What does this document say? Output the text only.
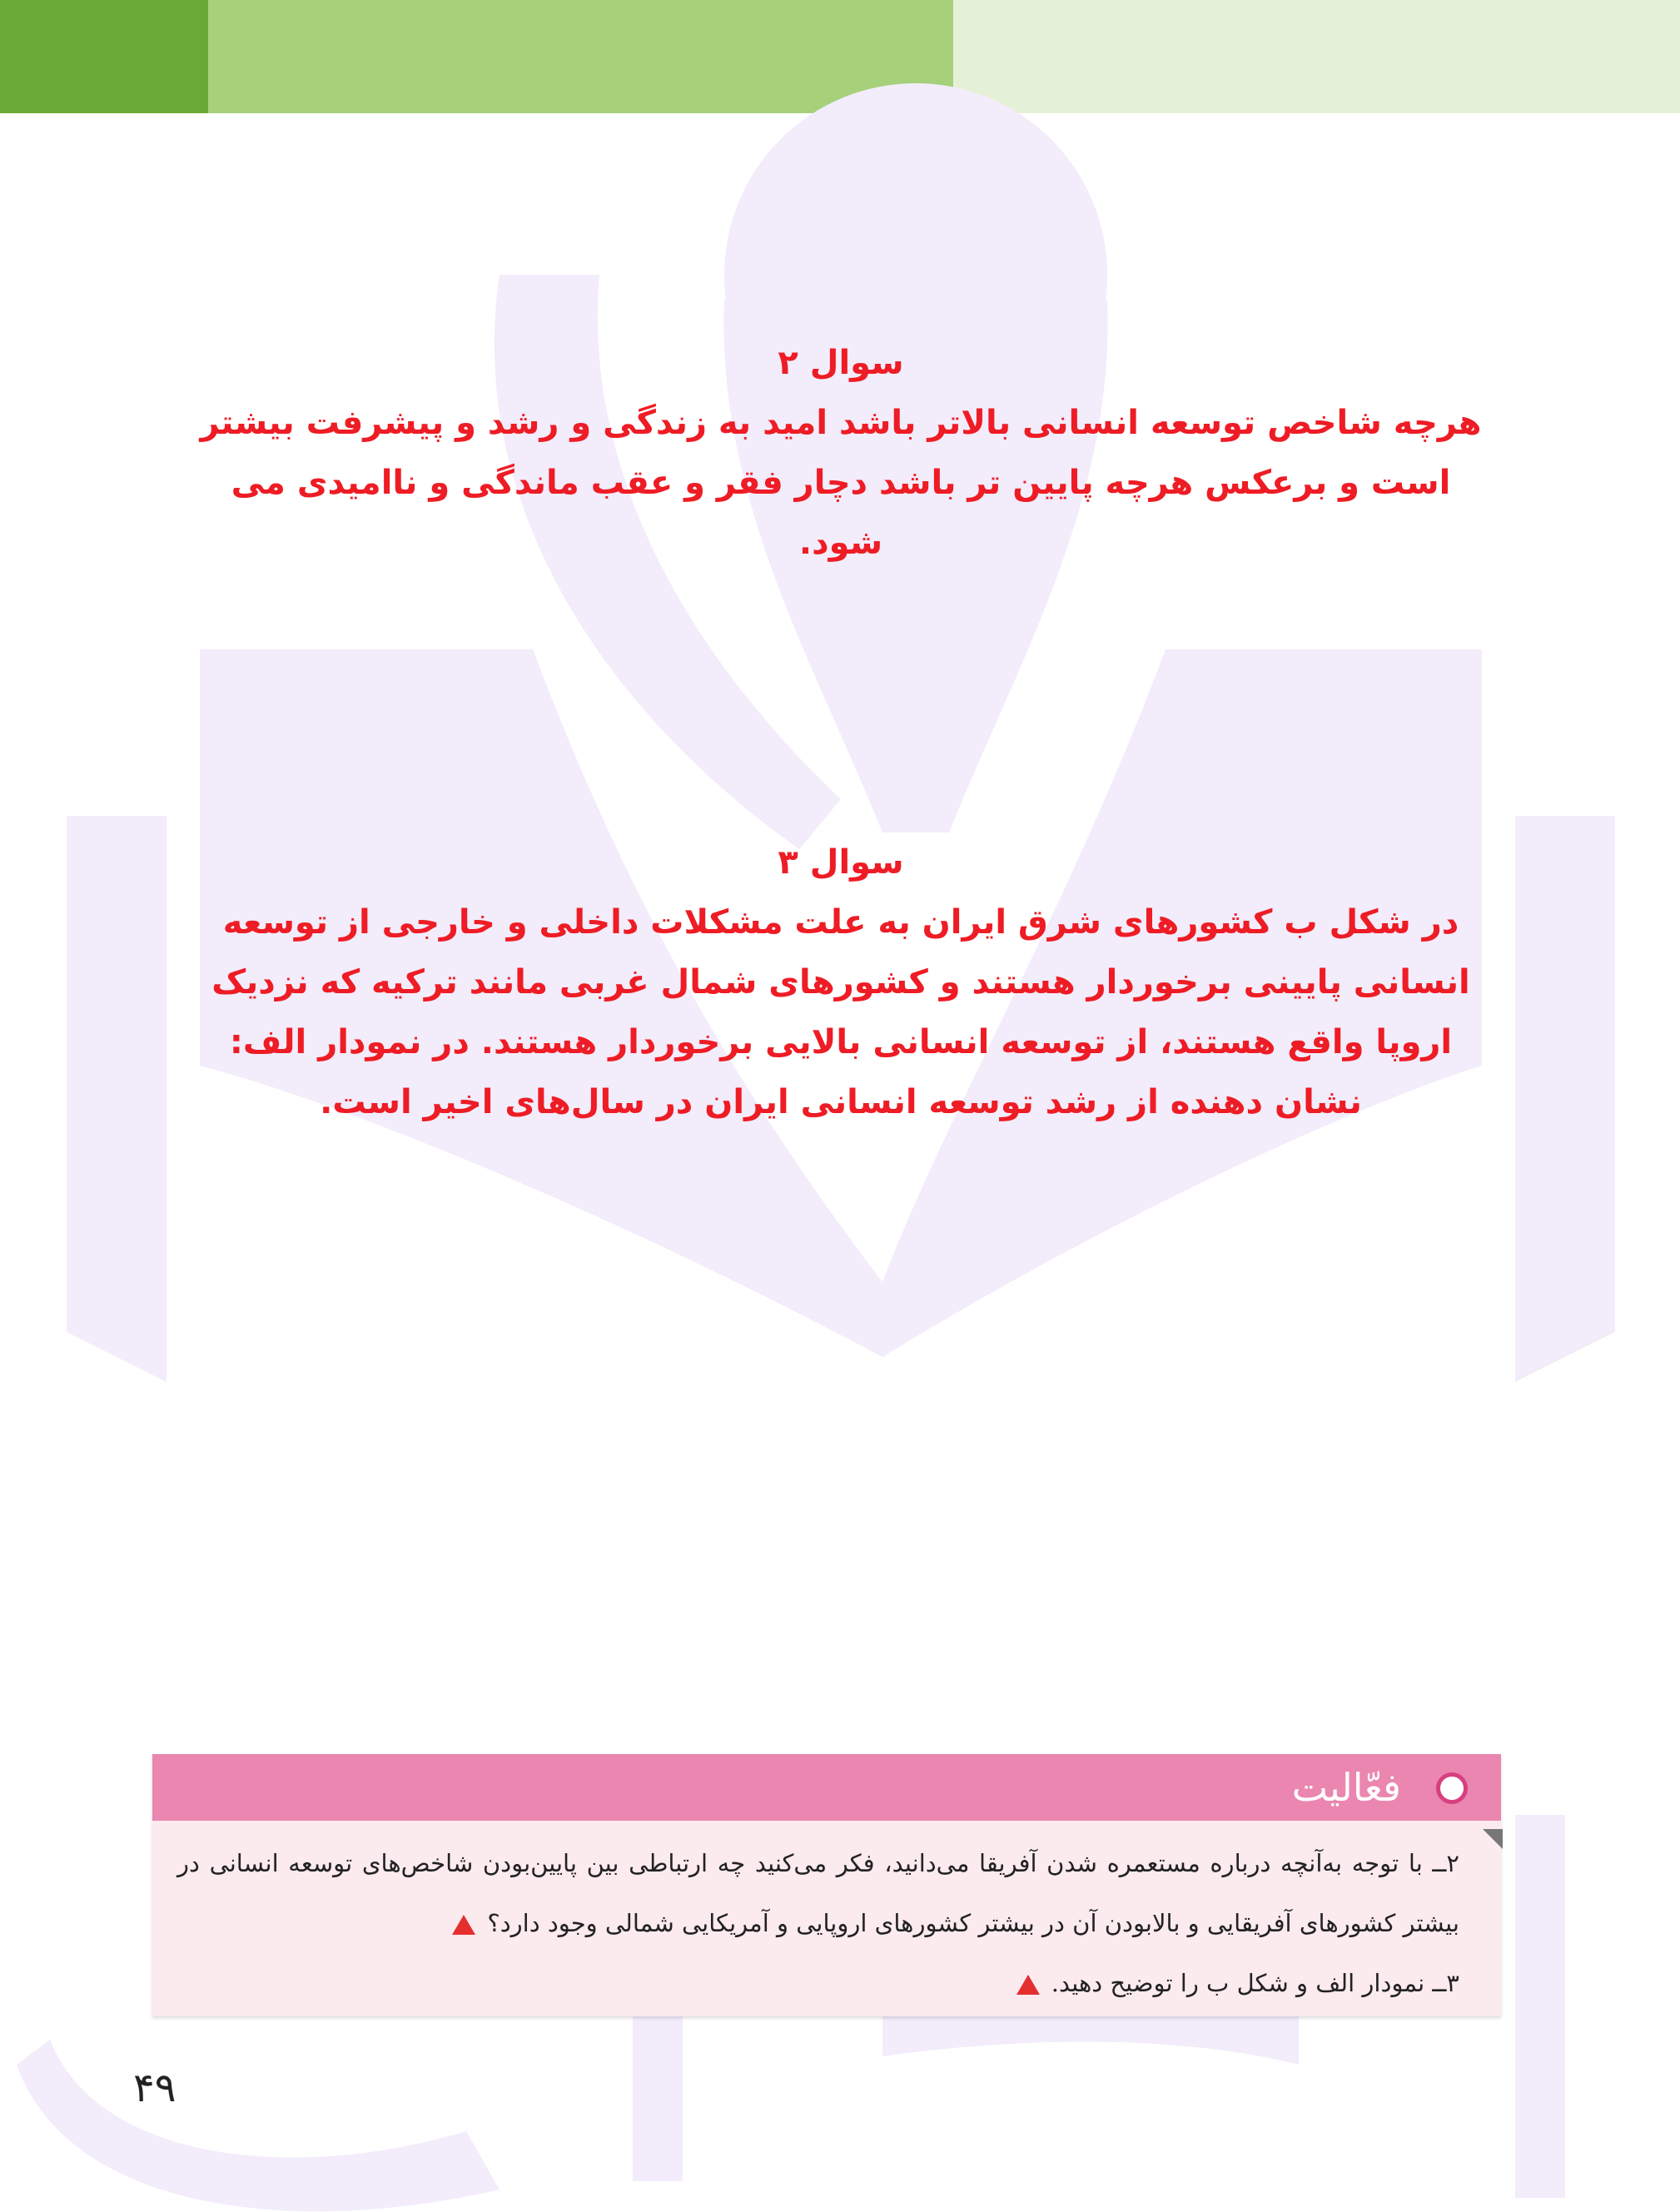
سوال ۲

هرچه شاخص توسعه انسانی بالاتر باشد امید به زندگی و رشد و پیشرفت بیشتر است و برعکس هرچه پایین تر باشد دچار فقر و عقب ماندگی و ناامیدی می شود.

سوال ۳

در شکل ب کشورهای شرق ایران به علت مشکلات داخلی و خارجی از توسعه انسانی پایینی برخوردار هستند و کشورهای شمال غربی مانند ترکیه که نزدیک اروپا واقع هستند، از توسعه انسانی بالایی برخوردار هستند. در نمودار الف: نشان دهنده از رشد توسعه انسانی ایران در سال‌های اخیر است.

فعّالیت

۲ــ با توجه به‌آنچه درباره مستعمره شدن آفریقا می‌دانید، فکر می‌کنید چه ارتباطی بین پایین‌بودن شاخص‌های توسعه انسانی در بیشتر کشورهای آفریقایی و بالابودن آن در بیشتر کشورهای اروپایی و آمریکایی شمالی وجود دارد؟

۳ــ نمودار الف و شکل ب را توضیح دهید.

۴۹
